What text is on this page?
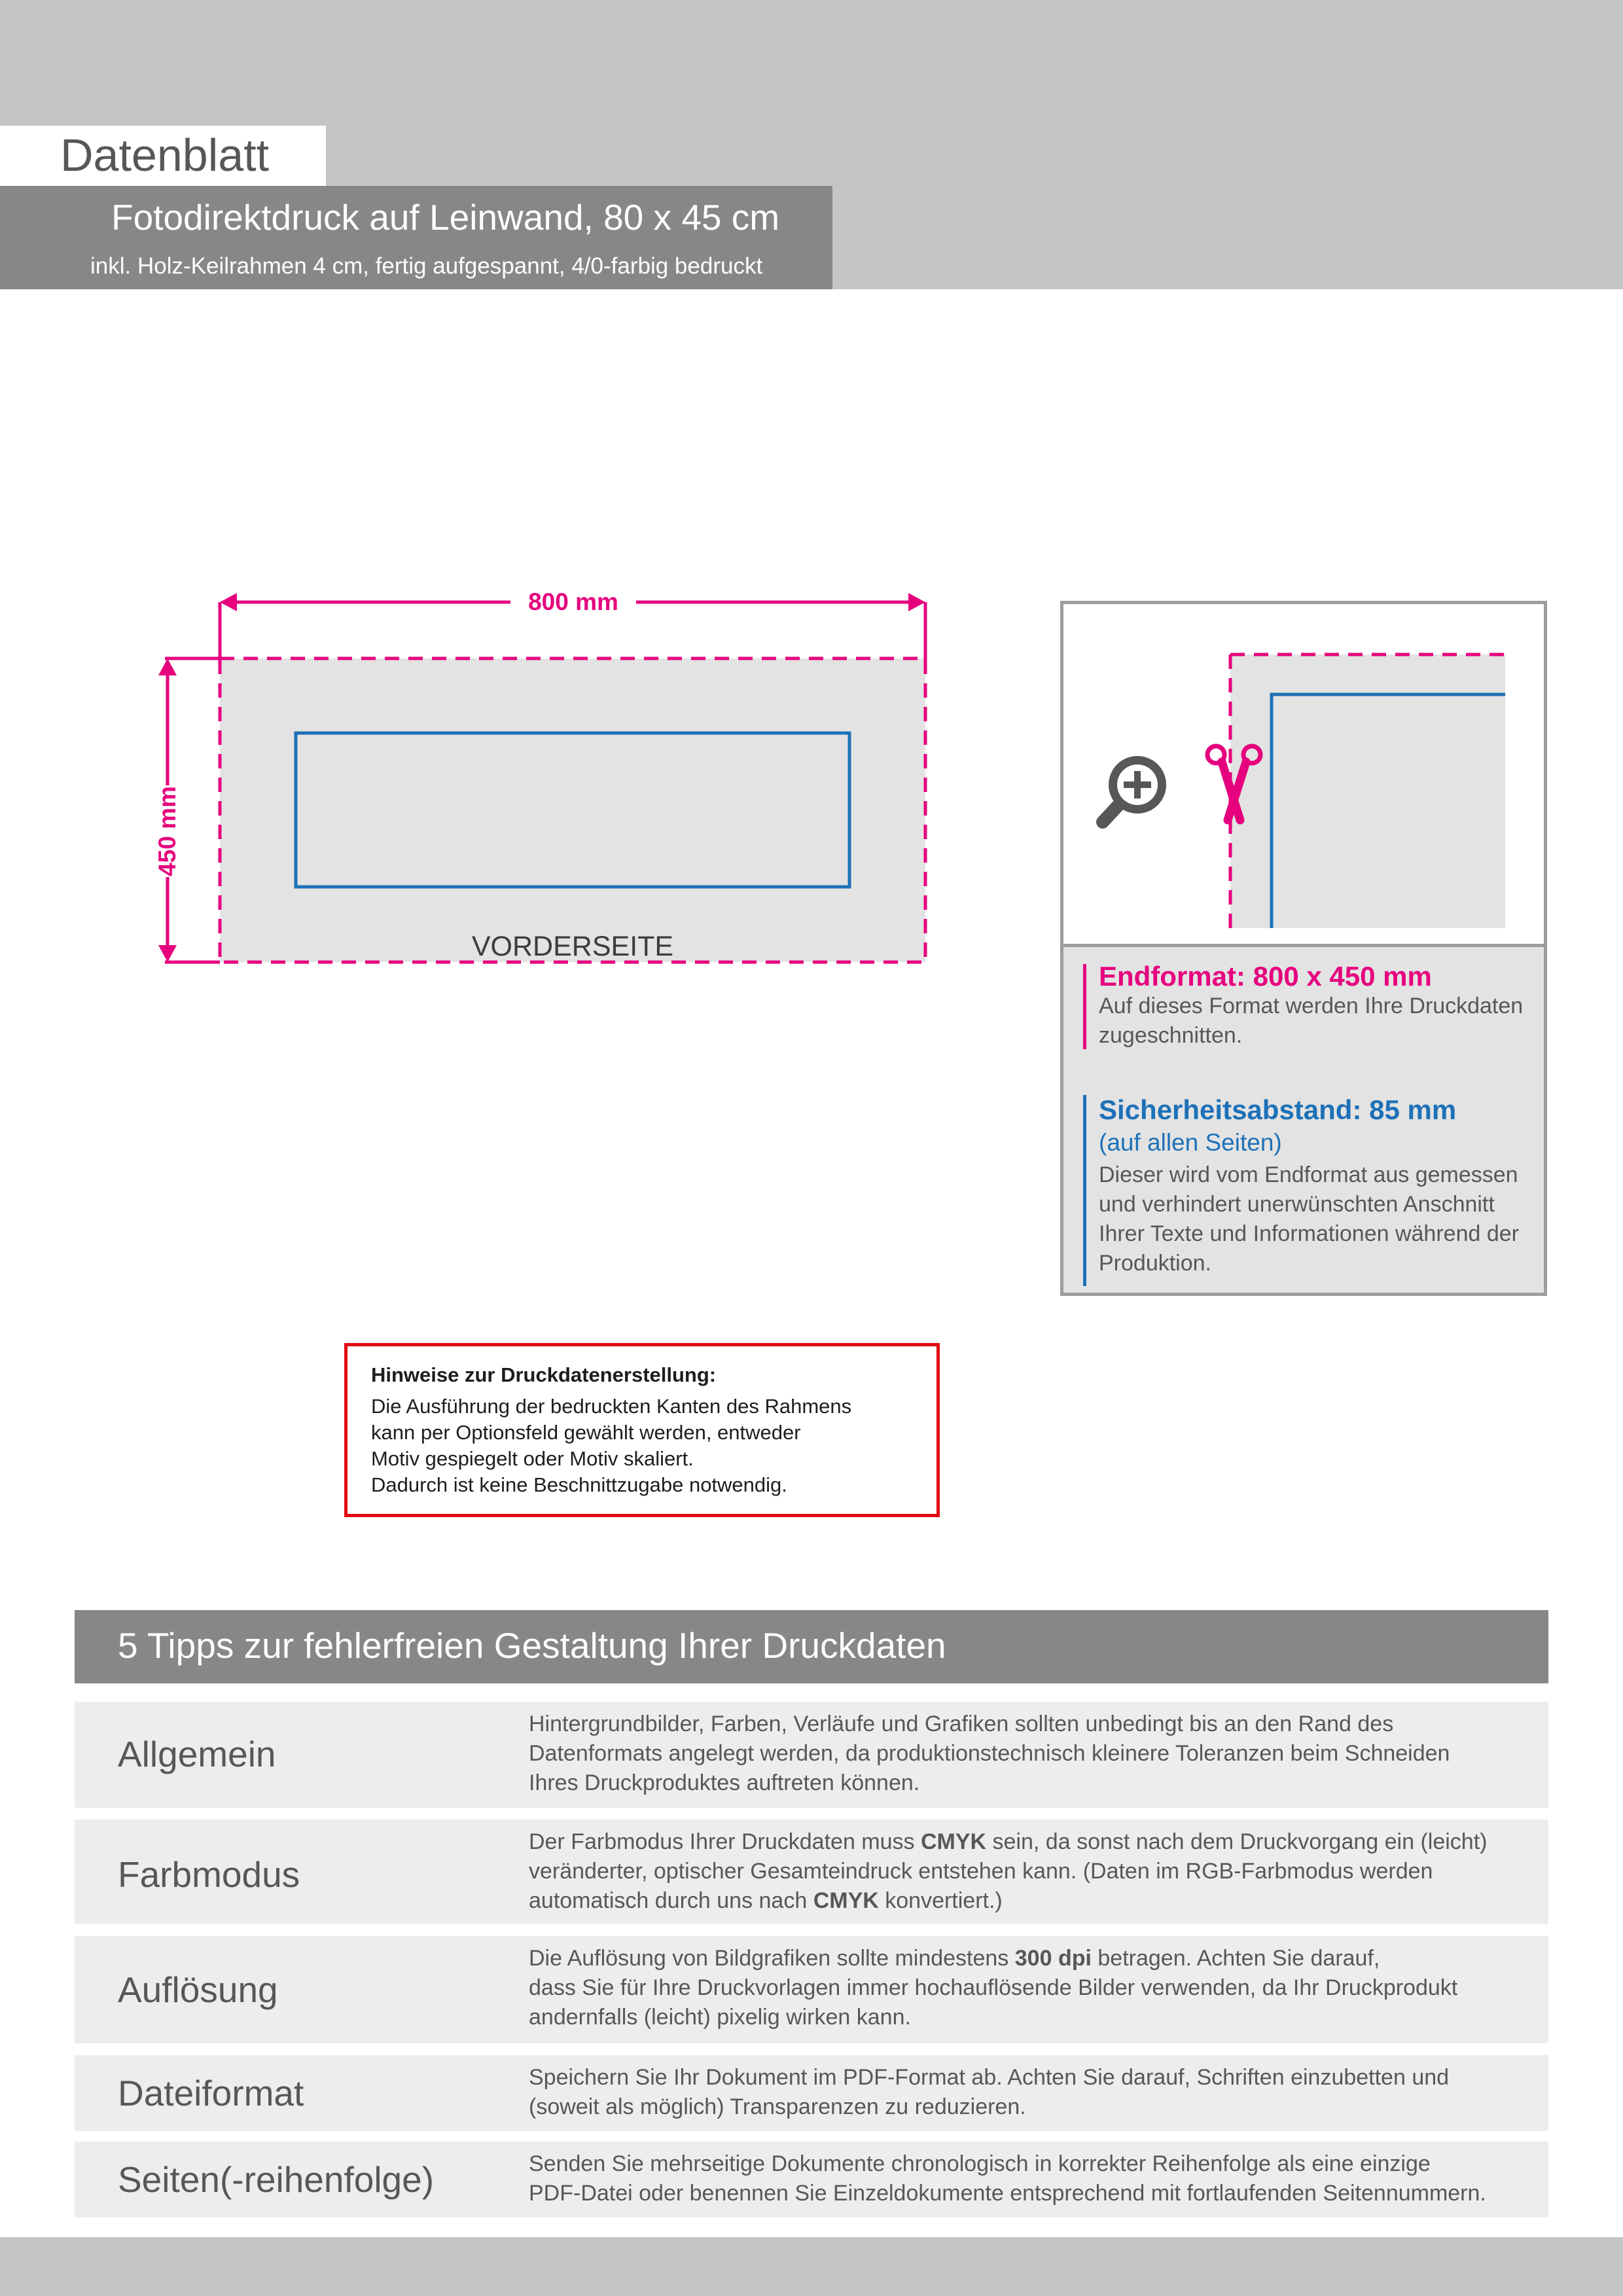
Datenblatt
Fotodirektdruck auf Leinwand, 80 x 45 cm
inkl. Holz-Keilrahmen 4 cm, fertig aufgespannt, 4/0-farbig bedruckt
VORDERSEITE
800 mm
450 mm
Endformat: 800 x 450 mm
Auf dieses Format werden Ihre Druckdaten
zugeschnitten.
Sicherheitsabstand: 85 mm
(auf allen Seiten)
Dieser wird vom Endformat aus gemessen
und verhindert unerwünschten Anschnitt
Ihrer Texte und Informationen während der
Produktion.
Hinweise zur Druckdatenerstellung:
Die Ausführung der bedruckten Kanten des Rahmens
kann per Optionsfeld gewählt werden, entweder
Motiv gespiegelt oder Motiv skaliert.
Dadurch ist keine Beschnittzugabe notwendig.
5 Tipps zur fehlerfreien Gestaltung Ihrer Druckdaten
Allgemein

Hintergrundbilder, Farben, Verläufe und Grafiken sollten unbedingt bis an den Rand des

Datenformats angelegt werden, da produktionstechnisch kleinere Toleranzen beim Schneiden

Ihres Druckproduktes auftreten können.

Farbmodus

Der Farbmodus Ihrer Druckdaten muss CMYK sein, da sonst nach dem Druckvorgang ein (leicht)

veränderter, optischer Gesamteindruck entstehen kann. (Daten im RGB-Farbmodus werden

automatisch durch uns nach CMYK konvertiert.)

Auflösung

Die Auflösung von Bildgrafiken sollte mindestens 300 dpi betragen. Achten Sie darauf,

dass Sie für Ihre Druckvorlagen immer hochauflösende Bilder verwenden, da Ihr Druckprodukt

andernfalls (leicht) pixelig wirken kann.

Dateiformat	Speichern Sie Ihr Dokument im PDF-Format ab. Achten Sie darauf, Schriften einzubetten und

(soweit als möglich) Transparenzen zu reduzieren.

Seiten(-reihenfolge)	Senden Sie mehrseitige Dokumente chronologisch in korrekter Reihenfolge als eine einzige

PDF-Datei oder benennen Sie Einzeldokumente entsprechend mit fortlaufenden Seitennummern.
